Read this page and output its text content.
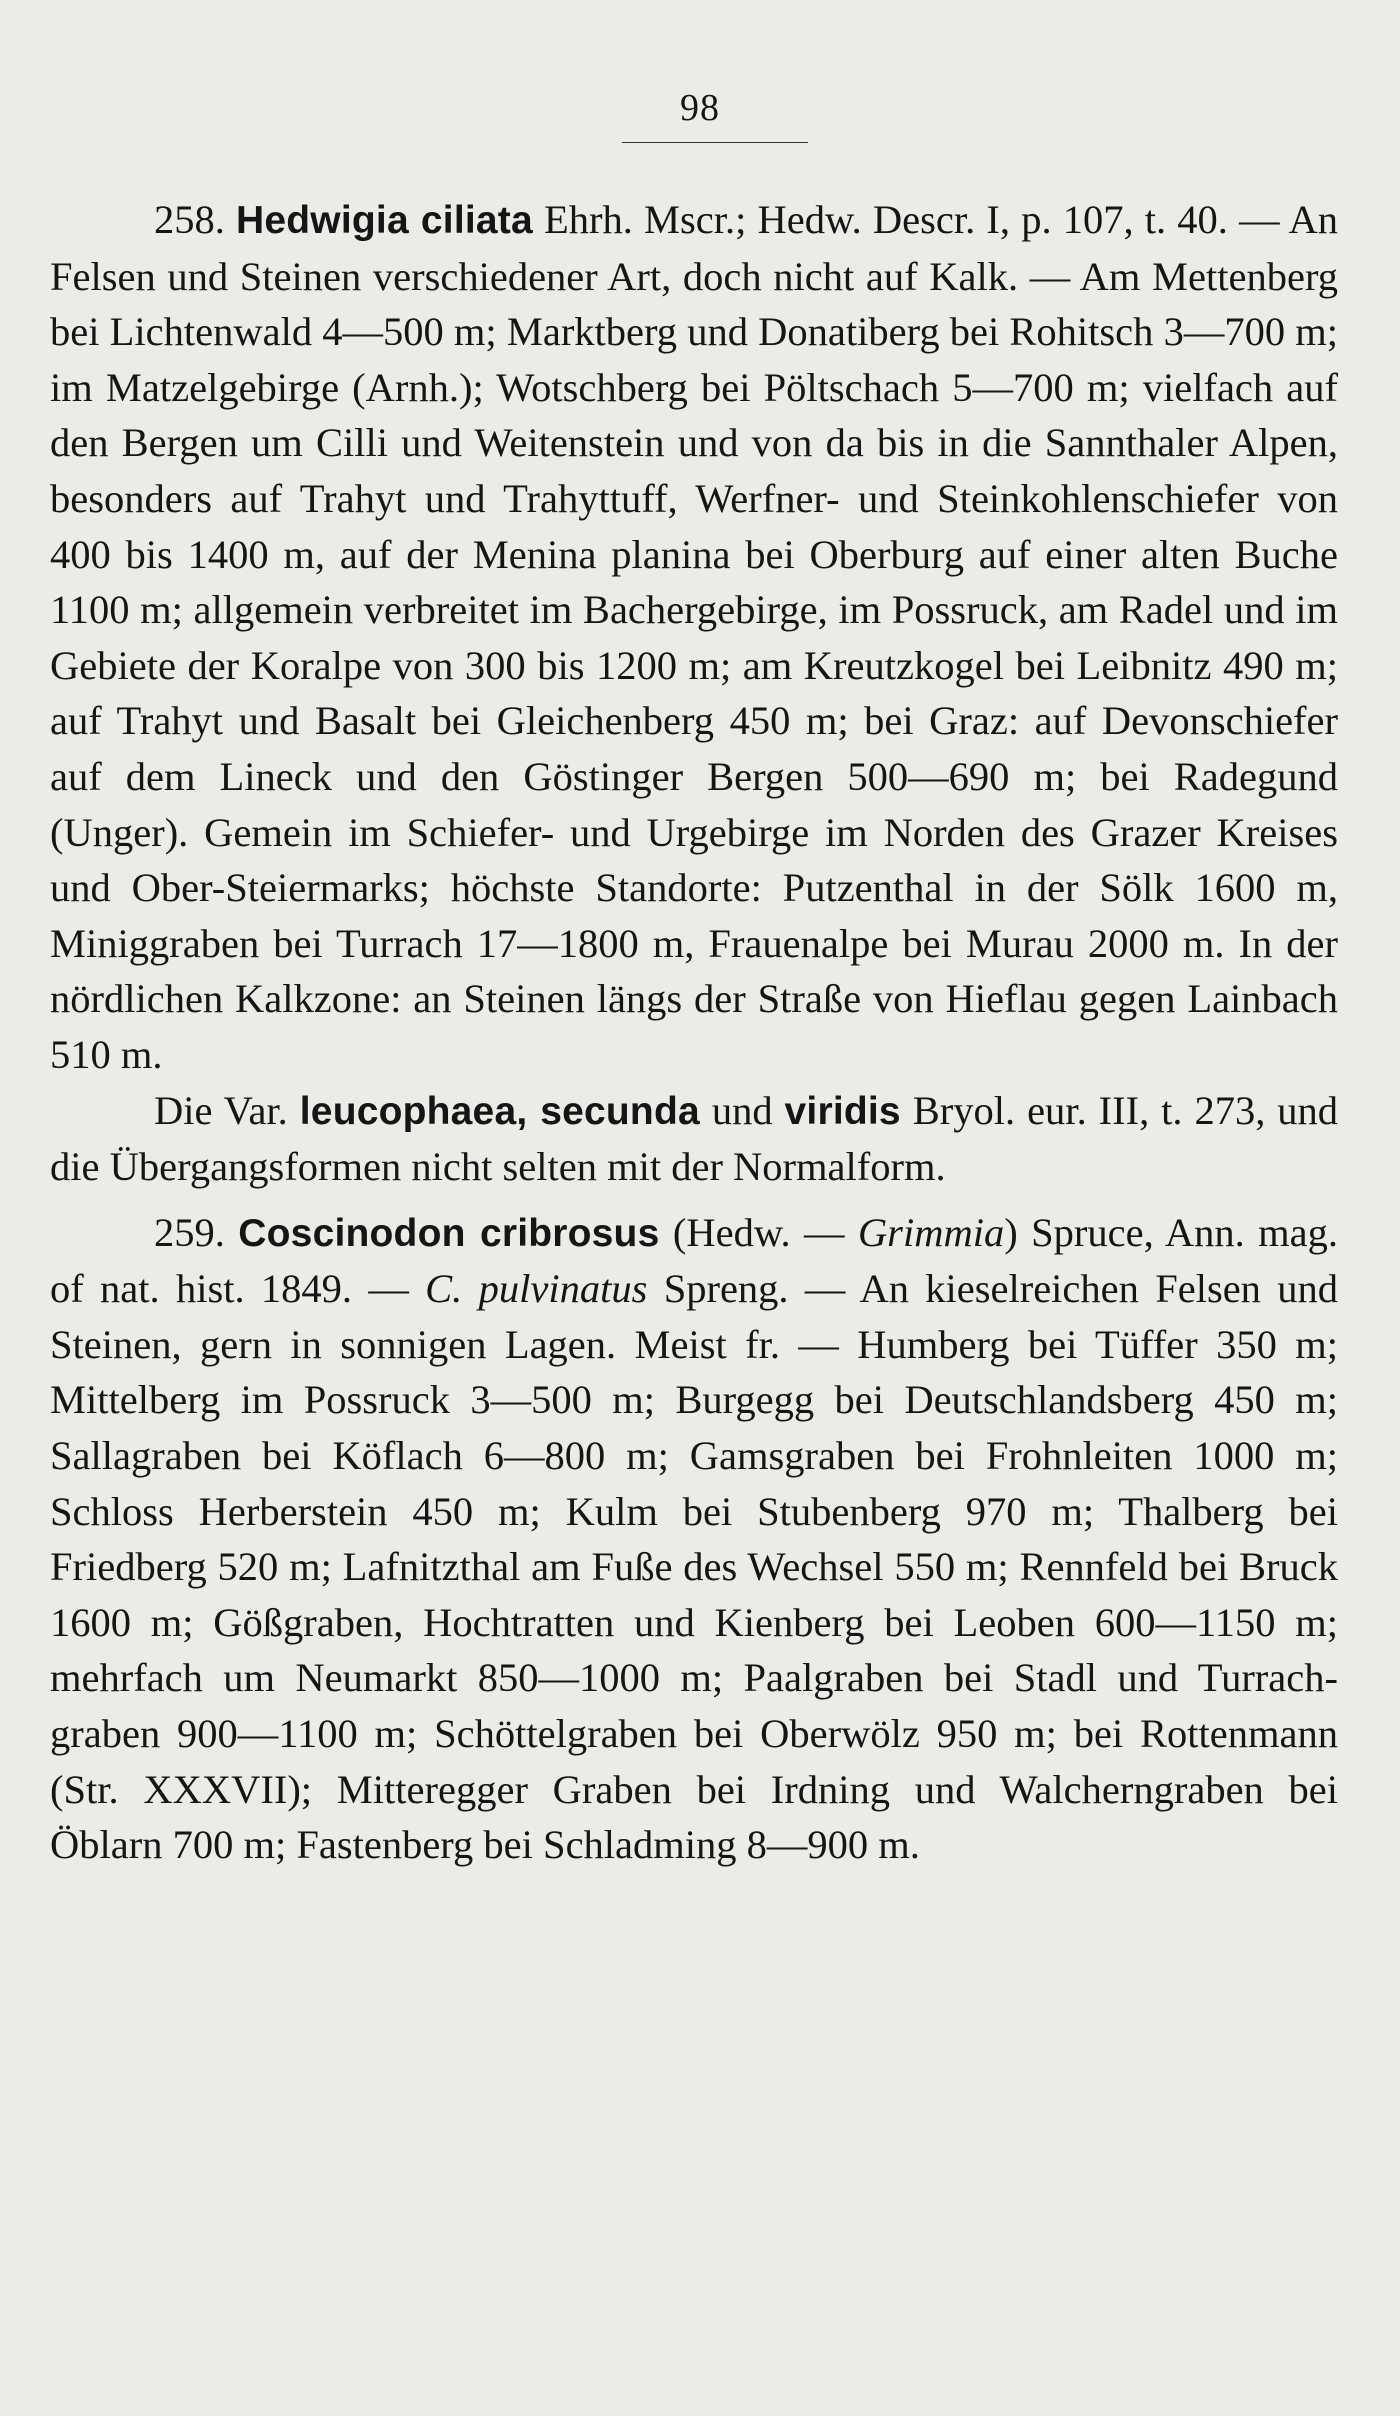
98

258. Hedwigia ciliata Ehrh. Mscr.; Hedw. Descr. I, p. 107, t. 40. — An Felsen und Steinen verschiedener Art, doch nicht auf Kalk. — Am Mettenberg bei Lichtenwald 4—500 m; Marktberg und Donatiberg bei Rohitsch 3—700 m; im Matzelgebirge (Arnh.); Wotschberg bei Pöltschach 5—700 m; vielfach auf den Bergen um Cilli und Weitenstein und von da bis in die Sannthaler Alpen, besonders auf Trahyt und Trahyttuff, Werfner- und Steinkohlenschiefer von 400 bis 1400 m, auf der Menina planina bei Oberburg auf einer alten Buche 1100 m; allgemein verbreitet im Bachergebirge, im Possruck, am Radel und im Gebiete der Koralpe von 300 bis 1200 m; am Kreutzkogel bei Leibnitz 490 m; auf Trahyt und Basalt bei Gleichenberg 450 m; bei Graz: auf Devonschiefer auf dem Lineck und den Göstinger Bergen 500—690 m; bei Radegund (Unger). Gemein im Schiefer- und Urgebirge im Norden des Grazer Kreises und Ober-Steiermarks; höchste Standorte: Putzenthal in der Sölk 1600 m, Miniggraben bei Turrach 17—1800 m, Frauenalpe bei Murau 2000 m. In der nördlichen Kalkzone: an Steinen längs der Straße von Hieflau gegen Lainbach 510 m.

Die Var. leucophaea, secunda und viridis Bryol. eur. III, t. 273, und die Übergangsformen nicht selten mit der Normalform.

259. Coscinodon cribrosus (Hedw. — Grimmia) Spruce, Ann. mag. of nat. hist. 1849. — C. pulvinatus Spreng. — An kieselreichen Felsen und Steinen, gern in sonnigen Lagen. Meist fr. — Humberg bei Tüffer 350 m; Mittelberg im Possruck 3—500 m; Burgegg bei Deutschlandsberg 450 m; Sallagraben bei Köflach 6—800 m; Gamsgraben bei Frohnleiten 1000 m; Schloss Herberstein 450 m; Kulm bei Stubenberg 970 m; Thalberg bei Friedberg 520 m; Lafnitzthal am Fuße des Wechsel 550 m; Rennfeld bei Bruck 1600 m; Gößgraben, Hochtratten und Kienberg bei Leoben 600—1150 m; mehrfach um Neumarkt 850—1000 m; Paalgraben bei Stadl und Turrachgraben 900—1100 m; Schöttelgraben bei Oberwölz 950 m; bei Rottenmann (Str. XXXVII); Mitteregger Graben bei Irdning und Walcherngraben bei Öblarn 700 m; Fastenberg bei Schladming 8—900 m.
